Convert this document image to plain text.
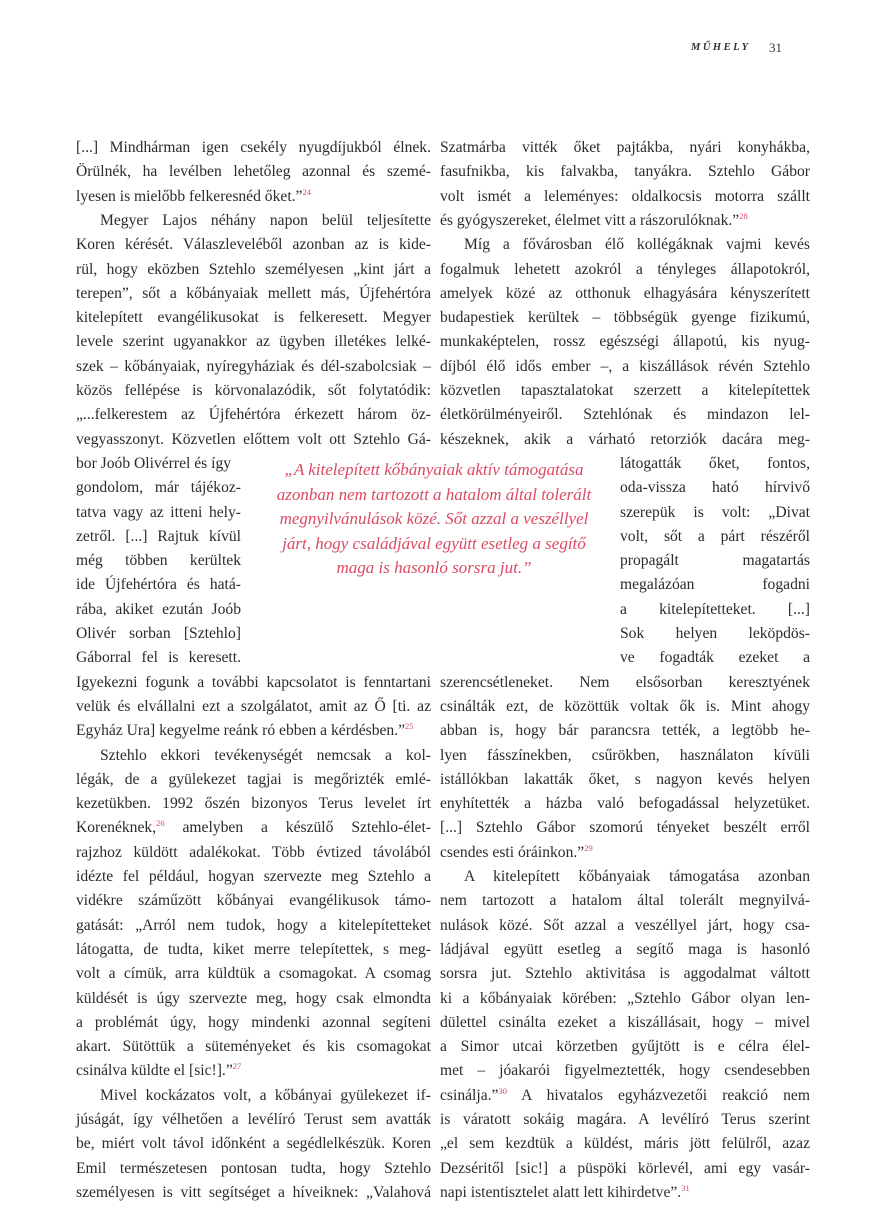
MŰHELY 31
[...] Mindhárman igen csekély nyugdíjukból élnek.
Örülnék, ha levélben lehetőleg azonnal és szemé-
lyesen is mielőbb felkeresnéd őket.”$^{24}$
Megyer Lajos néhány napon belül teljesítette
Koren kérését. Válaszleveléből azonban az is kide-
rül, hogy eközben Sztehlo személyesen „kint járt a
terepen”, sőt a kőbányaiak mellett más, Újfehértóra
kitelepített evangélikusokat is felkeresett. Megyer
levele szerint ugyanakkor az ügyben illetékes lelké-
szek – kőbányaiak, nyíregyháziak és dél-szabolcsiak –
közös fellépése is körvonalazódik, sőt folytatódik:
„...felkerestem az Újfehértóra érkezett három öz-
vegyasszonyt. Közvetlen előttem volt ott Sztehlo Gá-
bor Joób Olivérrel és így
gondolom, már tájékoz-
tatva vagy az itteni hely-
zetről. [...] Rajtuk kívül
még többen kerültek
ide Újfehértóra és hatá-
rába, akiket ezután Joób
Olivér sorban [Sztehlo]
Gáborral fel is keresett.
Igyekezni fogunk a további kapcsolatot is fenntartani
velük és elvállalni ezt a szolgálatot, amit az Ő [ti. az
Egyház Ura] kegyelme reánk ró ebben a kérdésben.”$^{25}$
Sztehlo ekkori tevékenységét nemcsak a kol-
légák, de a gyülekezet tagjai is megőrizték emlé-
kezetükben. 1992 őszén bizonyos Terus levelet írt
Korenéknek,$^{26}$ amelyben a készülő Sztehlo-élet-
rajzhoz küldött adalékokat. Több évtized távolából
idézte fel például, hogyan szervezte meg Sztehlo a
vidékre száműzött kőbányai evangélikusok támo-
gatását: „Arról nem tudok, hogy a kitelepítetteket
látogatta, de tudta, kiket merre telepítettek, s meg-
volt a címük, arra küldtük a csomagokat. A csomag
küldését is úgy szervezte meg, hogy csak elmondta
a problémát úgy, hogy mindenki azonnal segíteni
akart. Sütöttük a süteményeket és kis csomagokat
csinálva küldte el [sic!].”$^{27}$
Mivel kockázatos volt, a kőbányai gyülekezet if-
júságát, így vélhetően a levélíró Terust sem avatták
be, miért volt távol időnként a segédlelkészük. Koren
Emil természetesen pontosan tudta, hogy Sztehlo
személyesen is vitt segítséget a híveiknek: „Valahová
Szatmárba vitték őket pajtákba, nyári konyhákba,
fasufnikba, kis falvakba, tanyákra. Sztehlo Gábor
volt ismét a leleményes: oldalkocsis motorra szállt
és gyógyszereket, élelmet vitt a rászorulóknak.”$^{28}$
Míg a fővárosban élő kollégáknak vajmi kevés
fogalmuk lehetett azokról a tényleges állapotokról,
amelyek közé az otthonuk elhagyására kényszerített
budapestiek kerültek – többségük gyenge fizikumú,
munkaképtelen, rossz egészségi állapotú, kis nyug-
díjból élő idős ember –, a kiszállások révén Sztehlo
közvetlen tapasztalatokat szerzett a kitelepítettek
életkörülményeiről. Sztehlónak és mindazon lel-
készeknek, akik a várható retorziók dacára meg-
látogatták őket, fontos,
oda-vissza ható hírvivő
szerepük is volt: „Divat
volt, sőt a párt részéről
propagált magatartás
megalázóan fogadni
a kitelepítetteket. [...]
Sok helyen leköpdös-
ve fogadták ezeket a
szerencsétleneket. Nem elsősorban keresztyének
csinálták ezt, de közöttük voltak ők is. Mint ahogy
abban is, hogy bár parancsra tették, a legtöbb he-
lyen fásszínekben, csűrökben, használaton kívüli
istállókban lakatták őket, s nagyon kevés helyen
enyhítették a házba való befogadással helyzetüket.
[...] Sztehlo Gábor szomorú tényeket beszélt erről
csendes esti óráinkon.”$^{29}$
A kitelepített kőbányaiak támogatása azonban
nem tartozott a hatalom által tolerált megnyilvá-
nulások közé. Sőt azzal a veszéllyel járt, hogy csa-
ládjával együtt esetleg a segítő maga is hasonló
sorsra jut. Sztehlo aktivitása is aggodalmat váltott
ki a kőbányaiak körében: „Sztehlo Gábor olyan len-
dülettel csinálta ezeket a kiszállásait, hogy – mivel
a Simor utcai körzetben gyűjtött is e célra élel-
met – jóakarói figyelmeztették, hogy csendesebben
csinálja.”$^{30}$ A hivatalos egyházvezetői reakció nem
is váratott sokáig magára. A levélíró Terus szerint
„el sem kezdtük a küldést, máris jött felülről, azaz
Dezséritől [sic!] a püspöki körlevél, ami egy vasár-
napi istentisztelet alatt lett kihirdetve”.$^{31}$
„A kitelepített kőbányaiak aktív támogatása
azonban nem tartozott a hatalom által tolerált
megnyilvánulások közé. Sőt azzal a veszéllyel
járt, hogy családjával együtt esetleg a segítő
maga is hasonló sorsra jut.”
